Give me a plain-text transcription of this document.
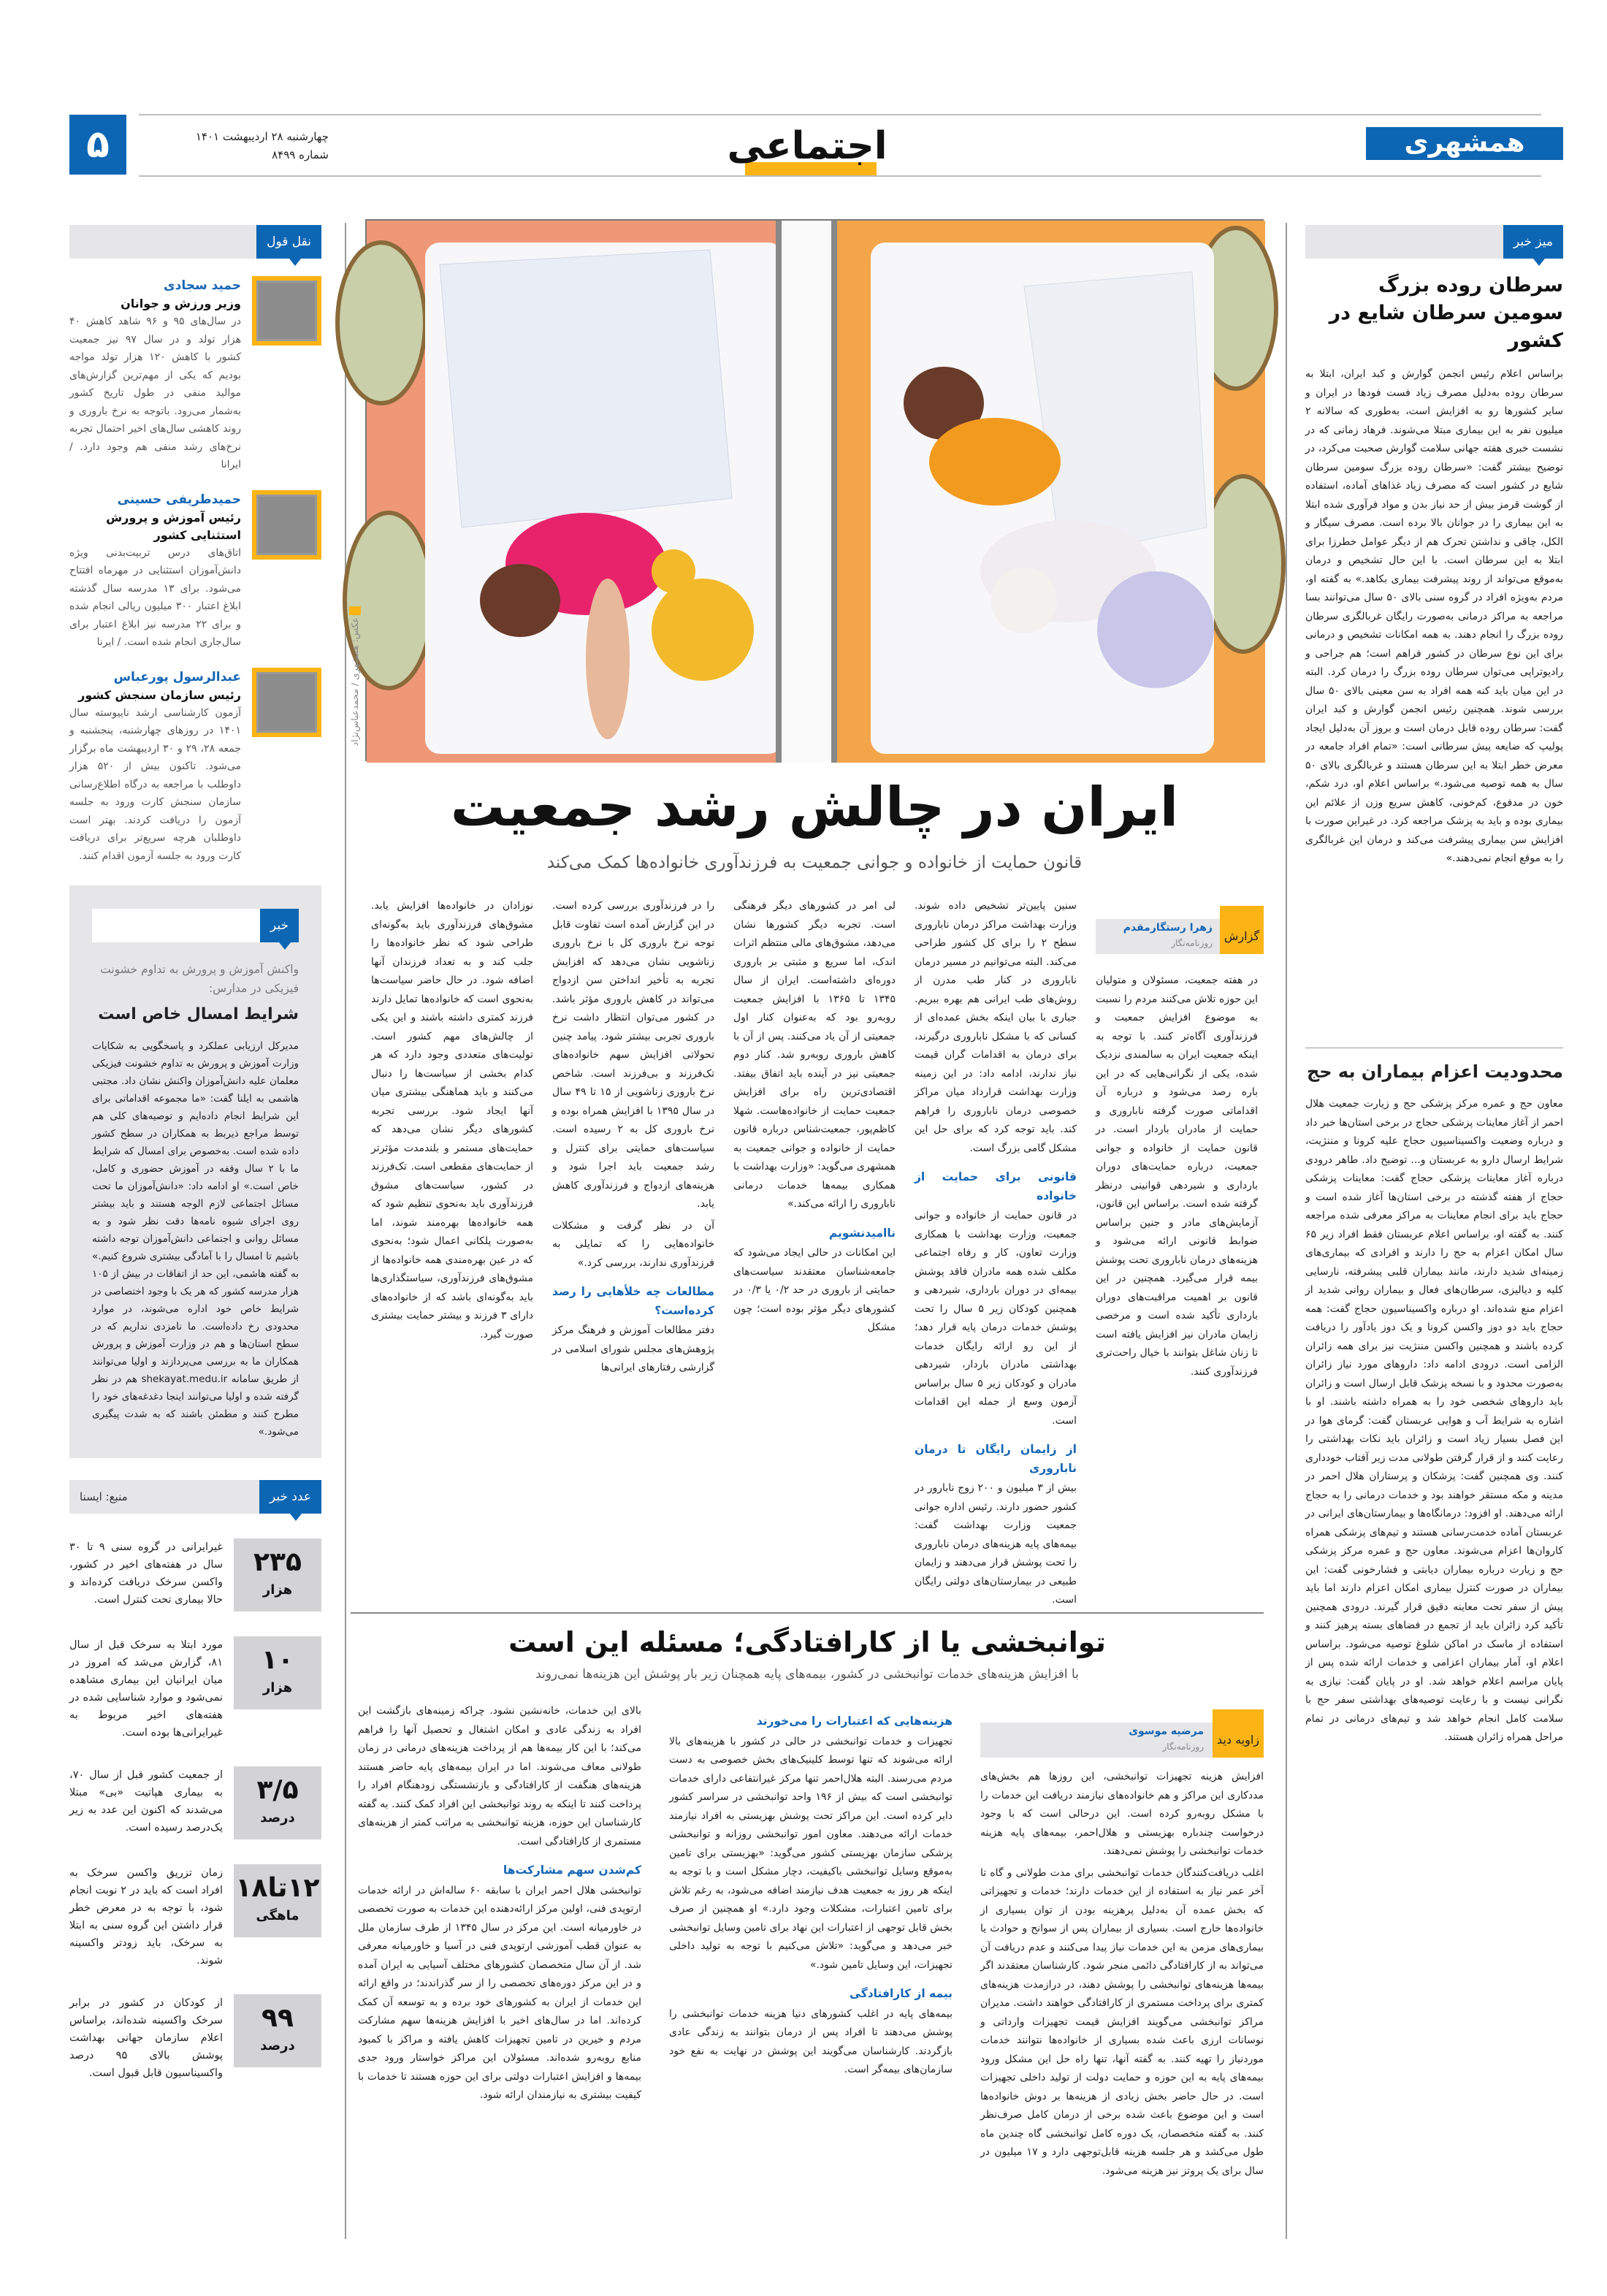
همشهری
اجتماعی
۵	چهارشنبه ۲۸ اردیبهشت ۱۴۰۱
شماره ۸۴۹۹
میز خبر
سرطان روده بزرگ
سومین سرطان شایع در کشور
براساس اعلام رئیس انجمن گوارش و کبد ایران، ابتلا به سرطان روده به‌دلیل مصرف زیاد فست فودها در ایران و سایر کشورها رو به افزایش است، به‌طوری که سالانه ۲ میلیون نفر به این بیماری مبتلا می‌شوند. فرهاد زمانی که در نشست خبری هفته جهانی سلامت گوارش صحبت می‌کرد، در توضیح بیشتر گفت: «سرطان روده بزرگ سومین سرطان شایع در کشور است که مصرف زیاد غذاهای آماده، استفاده از گوشت قرمز بیش از حد نیاز بدن و مواد فرآوری شده ابتلا به این بیماری را در جوانان بالا برده است. مصرف سیگار و الکل، چاقی و نداشتن تحرک هم از دیگر عوامل خطرزا برای ابتلا به این سرطان است. با این حال تشخیص و درمان به‌موقع می‌تواند از روند پیشرفت بیماری بکاهد.» به گفته او، مردم به‌ویژه افراد در گروه سنی بالای ۵۰ سال می‌توانند بسا مراجعه به مراکز درمانی به‌صورت رایگان غربالگری سرطان روده بزرگ را انجام دهند. به همه امکانات تشخیص و درمانی برای این نوع سرطان در کشور فراهم است؛ هم جراحی و رادیوتراپی می‌توان سرطان روده بزرگ را درمان کرد. البته در این میان باید کنه همه افراد به سن معینی بالای ۵۰ سال بررسی شوند. همچنین رئیس انجمن گوارش و کبد ایران گفت: سرطان روده قابل درمان است و بروز آن به‌دلیل ایجاد پولیپ که ضایعه پیش سرطانی است: «تمام افراد جامعه در معرض خطر ابتلا به این سرطان هستند و غربالگری بالای ۵۰ سال به همه توصیه می‌شود.» براساس اعلام او، درد شکم، خون در مدفوع، کم‌خونی، کاهش سریع وزن از علائم این بیماری بوده و باید به پزشک مراجعه کرد. در غیراین صورت با افزایش سن بیماری پیشرفت می‌کند و درمان این غربالگری را به موقع انجام نمی‌دهند.»
محدودیت اعزام بیماران به حج
معاون حج و عمره مرکز پزشکی حج و زیارت جمعیت هلال احمر از آغاز معاینات پزشکی حجاج در برخی استان‌ها خبر داد و درباره وضعیت واکسیناسیون حجاج علیه کرونا و مننژیت، شرایط ارسال دارو به عربستان و... توضیح داد. طاهر درودی درباره آغاز معاینات پزشکی حجاج گفت: معاینات پزشکی حجاج از هفته گذشته در برخی استان‌ها آغاز شده است و حجاج باید برای انجام معاینات به مراکز معرفی شده مراجعه کنند. به گفته او، براساس اعلام عربستان فقط افراد زیر ۶۵ سال امکان اعزام به حج را دارند و افرادی که بیماری‌های زمینه‌ای شدید دارند، مانند بیماران قلبی پیشرفته، نارسایی کلیه و دیالیزی، سرطان‌های فعال و بیماران روانی شدید از اعزام منع شده‌اند. او درباره واکسیناسیون حجاج گفت: همه حجاج باید دو دوز واکسن کرونا و یک دوز یادآور را دریافت کرده باشند و همچنین واکسن مننژیت نیز برای همه زائران الزامی است. درودی ادامه داد: داروهای مورد نیاز زائران به‌صورت محدود و با نسخه پزشک قابل ارسال است و زائران باید داروهای شخصی خود را به همراه داشته باشند. او با اشاره به شرایط آب و هوایی عربستان گفت: گرمای هوا در این فصل بسیار زیاد است و زائران باید نکات بهداشتی را رعایت کنند و از قرار گرفتن طولانی مدت زیر آفتاب خودداری کنند. وی همچنین گفت: پزشکان و پرستاران هلال احمر در مدینه و مکه مستقر خواهند بود و خدمات درمانی را به حجاج ارائه می‌دهند. او افزود: درمانگاه‌ها و بیمارستان‌های ایرانی در عربستان آماده خدمت‌رسانی هستند و تیم‌های پزشکی همراه کاروان‌ها اعزام می‌شوند. معاون حج و عمره مرکز پزشکی حج و زیارت درباره بیماران دیابتی و فشارخونی گفت: این بیماران در صورت کنترل بیماری امکان اعزام دارند اما باید پیش از سفر تحت معاینه دقیق قرار گیرند. درودی همچنین تأکید کرد زائران باید از تجمع در فضاهای بسته پرهیز کنند و استفاده از ماسک در اماکن شلوغ توصیه می‌شود. براساس اعلام او، آمار بیماران اعزامی و خدمات ارائه شده پس از پایان مراسم اعلام خواهد شد. او در پایان گفت: نیازی به نگرانی نیست و با رعایت توصیه‌های بهداشتی سفر حج با سلامت کامل انجام خواهد شد و تیم‌های درمانی در تمام مراحل همراه زائران هستند.
نقل قول
حمید سجادی
وزیر ورزش و جوانان
در سال‌های ۹۵ و ۹۶ شاهد کاهش ۴۰ هزار تولد و در سال ۹۷ نیز جمعیت کشور با کاهش ۱۲۰ هزار تولد مواجه بودیم که یکی از مهم‌ترین گزارش‌های موالید منفی در طول تاریخ کشور به‌شمار می‌رود. باتوجه به نرخ باروری و روند کاهشی سال‌های اخیر احتمال تجربه نرخ‌های رشد منفی هم وجود دارد. / ایرانا
حمیدطریفی حسینی
رئیس آموزش و پرورش استثنایی کشور
اتاق‌های درس تربیت‌بدنی ویژه دانش‌آموزان استثنایی در مهرماه افتتاح می‌شود. برای ۱۳ مدرسه سال گذشته ابلاغ اعتبار ۳۰۰ میلیون ریالی انجام شده و برای ۲۲ مدرسه نیز ابلاغ اعتبار برای سال‌جاری انجام شده است. / ایرنا
عبدالرسول پورعباس
رئیس سازمان سنجش کشور
آزمون کارشناسی ارشد ناپیوسته سال ۱۴۰۱ در روزهای چهارشنبه، پنجشنبه و جمعه ۲۸، ۲۹ و ۳۰ اردیبهشت ماه برگزار می‌شود. تاکنون بیش از ۵۲۰ هزار داوطلب با مراجعه به درگاه اطلاع‌رسانی سازمان سنجش کارت ورود به جلسه آزمون را دریافت کردند. بهتر است داوطلبان هرچه سریع‌تر برای دریافت کارت ورود به جلسه آزمون اقدام کنند.
خبر
واکنش آموزش و پرورش به تداوم خشونت فیزیکی در مدارس:
شرایط امسال خاص است
مدیرکل ارزیابی عملکرد و پاسخگویی به شکایات وزارت آموزش و پرورش به تداوم خشونت فیزیکی معلمان علیه دانش‌آموزان واکنش نشان داد. مجتبی هاشمی به ایلنا گفت: «ما مجموعه اقداماتی برای این شرایط انجام داده‌ایم و توصیه‌های کلی هم توسط مراجع ذیربط به همکاران در سطح کشور داده شده است. به‌خصوص برای امسال که شرایط ما با ۲ سال وقفه در آموزش حضوری و کامل، خاص است.» او ادامه داد: «دانش‌آموزان ما تحت مسائل اجتماعی لازم الوجه هستند و باید بیشتر روی اجرای شیوه نامه‌ها دقت نظر شود و به مسائل روانی و اجتماعی دانش‌آموزان توجه داشته باشیم تا امسال را با آمادگی بیشتری شروع کنیم.» به گفته هاشمی، این حد از اتفاقات در بیش از ۱۰۵ هزار مدرسه کشور که هر یک با وجود اختصاصی در شرایط خاص خود اداره می‌شوند، در موارد محدودی رخ داده‌است. ما نامزدی نداریم که در سطح استان‌ها و هم در وزارت آموزش و پرورش همکاران ما به بررسی می‌پردازند و اولیا می‌توانند از طریق سامانه shekayat.medu.ir هم در نظر گرفته شده و اولیا می‌توانند اینجا دغدغه‌های خود را مطرح کنند و مطمئن باشند که به شدت پیگیری می‌شود.»
عدد خبر
منبع: ایسنا
۲۳۵
هزار
غیرایرانی در گروه سنی ۹ تا ۳۰ سال در هفته‌های اخیر در کشور، واکسن سرخک دریافت کرده‌اند و حالا بیماری تحت کنترل است.
۱۰
هزار
مورد ابتلا به سرخک قبل از سال ۸۱، گزارش می‌شد که امروز در میان ایرانیان این بیماری مشاهده نمی‌شود و موارد شناسایی شده در هفته‌های اخیر مربوط به غیرایرانی‌ها بوده است.
۳/۵
درصد
از جمعیت کشور قبل از سال ۷۰، به بیماری هپاتیت «بی» مبتلا می‌شدند که اکنون این عدد به زیر یک‌درصد رسیده است.
۱۲تا۱۸
ماهگی
زمان تزریق واکسن سرخک به افراد است که باید در ۲ نوبت انجام شود، با توجه به در معرض خطر قرار داشتن این گروه سنی به ابتلا به سرخک، باید زودتر واکسینه شوند.
۹۹
درصد
از کودکان در کشور در برابر سرخک واکسینه شده‌اند، براساس اعلام سازمان جهانی بهداشت پوشش بالای ۹۵ درصد واکسیناسیون قابل قبول است.
عکس: همشهری / محمدعباس‌نژاد
ایران در چالش رشد جمعیت
قانون حمایت از خانواده و جوانی جمعیت به فرزندآوری خانواده‌ها کمک می‌کند
گزارش
زهرا رستگارمقدم
روزنامه‌نگار

در هفته جمعیت، مسئولان و متولیان این حوزه تلاش می‌کنند مردم را نسبت به موضوع افزایش جمعیت و فرزندآوری آگاه‌تر کنند. با توجه به اینکه جمعیت ایران به سالمندی نزدیک شده، یکی از نگرانی‌هایی که در این باره رصد می‌شود و درباره آن اقداماتی صورت گرفته ناباروری و حمایت از مادران باردار است. در قانون حمایت از خانواده و جوانی جمعیت، درباره حمایت‌های دوران بارداری و شیردهی قوانینی درنظر گرفته شده است. براساس این قانون، آزمایش‌های مادر و جنین براساس ضوابط قانونی ارائه می‌شود و هزینه‌های درمان ناباروری تحت پوشش بیمه قرار می‌گیرد. همچنین در این قانون بر اهمیت مراقبت‌های دوران بارداری تأکید شده است و مرخصی زایمان مادران نیز افزایش یافته است تا زنان شاغل بتوانند با خیال راحت‌تری فرزندآوری کنند.

سنین پایین‌تر تشخیص داده شوند. وزارت بهداشت مراکز درمان ناباروری سطح ۲ را برای کل کشور طراحی می‌کند. البته می‌توانیم در مسیر درمان ناباروری در کنار طب مدرن از روش‌های طب ایرانی هم بهره ببریم. جباری با بیان اینکه بخش عمده‌ای از کسانی که با مشکل ناباروری درگیرند، برای درمان به اقدامات گران قیمت نیاز ندارند، ادامه داد: در این زمینه وزارت بهداشت قرارداد میان مراکز خصوصی درمان ناباروری را فراهم کند. باید توجه کرد که برای حل این مشکل گامی بزرگ است.

قانونی برای حمایت از خانواده

در قانون حمایت از خانواده و جوانی جمعیت، وزارت بهداشت با همکاری وزارت تعاون، کار و رفاه اجتماعی مکلف شده همه مادران فاقد پوشش بیمه‌ای در دوران بارداری، شیردهی و همچنین کودکان زیر ۵ سال را تحت پوشش خدمات درمان پایه قرار دهد؛ از این رو ارائه رایگان خدمات بهداشتی مادران باردار، شیردهی مادران و کودکان زیر ۵ سال براساس آزمون وسع از جمله این اقدامات است.

از زایمان رایگان تا درمان ناباروری

بیش از ۳ میلیون و ۲۰۰ زوج نابارور در کشور حضور دارند. رئیس اداره جوانی جمعیت وزارت بهداشت گفت: بیمه‌های پایه هزینه‌های درمان ناباروری را تحت پوشش قرار می‌دهند و زایمان طبیعی در بیمارستان‌های دولتی رایگان است.

لی امر در کشورهای دیگر فرهنگی است. تجربه دیگر کشورها نشان می‌دهد، مشوق‌های مالی منتظم اثرات اندک، اما سریع و مثبتی بر باروری دوره‌ای داشته‌است. ایران از سال ۱۳۴۵ تا ۱۳۶۵ با افزایش جمعیت روبه‌رو بود که به‌عنوان کنار اول جمعیتی از آن یاد می‌کنند. پس از آن با کاهش باروری روبه‌رو شد. کنار دوم جمعیتی نیز در آینده باید اتفاق بیفتد. اقتصادی‌ترین راه برای افزایش جمعیت حمایت از خانواده‌هاست. شهلا کاظم‌پور، جمعیت‌شناس درباره قانون حمایت از خانواده و جوانی جمعیت به همشهری می‌گوید: «وزارت بهداشت با همکاری بیمه‌ها خدمات درمانی ناباروری را ارائه می‌کند.»

ناامیدنشویم

این امکانات در حالی ایجاد می‌شود که جامعه‌شناسان معتقدند سیاست‌های حمایتی از باروری در حد ۰/۲ یا ۰/۳ در کشورهای دیگر مؤثر بوده است؛ چون مشکل

را در فرزندآوری بررسی کرده است. در این گزارش آمده است تفاوت قابل توجه نرخ باروری کل با نرخ باروری زناشویی نشان می‌دهد که افزایش تجربه به تأخیر انداختن سن ازدواج می‌تواند در کاهش باروری مؤثر باشد. در کشور می‌توان انتظار داشت نرخ باروری تجربی بیشتر شود. پیامد چنین تحولاتی افزایش سهم خانواده‌های تک‌فرزند و بی‌فرزند است. شاخص نرخ باروری زناشویی از ۱۵ تا ۴۹ سال در سال ۱۳۹۵ با افزایش همراه بوده و نرخ باروری کل به ۲ رسیده است. سیاست‌های حمایتی برای کنترل و رشد جمعیت باید اجرا شود و هزینه‌های ازدواج و فرزندآوری کاهش یابد.

آن در نظر گرفت و مشکلات خانواده‌هایی را که تمایلی به فرزندآوری ندارند، بررسی کرد.»

مطالعات چه خلأهایی را رصد کرده‌است؟

دفتر مطالعات آموزش و فرهنگ مرکز پژوهش‌های مجلس شورای اسلامی در گزارشی رفتارهای ایرانی‌ها

نوزادان در خانواده‌ها افزایش یابد. مشوق‌های فرزندآوری باید به‌گونه‌ای طراحی شود که نظر خانواده‌ها را جلب کند و به تعداد فرزندان آنها اضافه شود. در حال حاضر سیاست‌ها به‌نحوی است که خانواده‌ها تمایل دارند فرزند کمتری داشته باشند و این یکی از چالش‌های مهم کشور است. تولیت‌های متعددی وجود دارد که هر کدام بخشی از سیاست‌ها را دنبال می‌کنند و باید هماهنگی بیشتری میان آنها ایجاد شود. بررسی تجربه کشورهای دیگر نشان می‌دهد که حمایت‌های مستمر و بلندمدت مؤثرتر از حمایت‌های مقطعی است. تک‌فرزند در کشور، سیاست‌های مشوق فرزندآوری باید به‌نحوی تنظیم شود که همه خانواده‌ها بهره‌مند شوند، اما به‌صورت پلکانی اعمال شود؛ به‌نحوی که در عین بهره‌مندی همه خانواده‌ها از مشوق‌های فرزندآوری، سیاستگذاری‌ها باید به‌گونه‌ای باشد که از خانواده‌های دارای ۳ فرزند و بیشتر حمایت بیشتری صورت گیرد.

توانبخشی یا از کارافتادگی؛ مسئله این است
با افزایش هزینه‌های خدمات توانبخشی در کشور، بیمه‌های پایه همچنان زیر بار پوشش این هزینه‌ها نمی‌روند
زاویه دید
مرضیه موسوی
روزنامه‌نگار

افزایش هزینه تجهیزات توانبخشی، این روزها هم بخش‌های مددکاری این مراکز و هم خانواده‌های نیازمند دریافت این خدمات را با مشکل روبه‌رو کرده است. این درحالی است که با وجود درخواست چندباره بهزیستی و هلال‌احمر، بیمه‌های پایه هزینه خدمات توانبخشی را پوشش نمی‌دهند.

اغلب دریافت‌کنندگان خدمات توانبخشی برای مدت طولانی و گاه تا آخر عمر نیاز به استفاده از این خدمات دارند؛ خدمات و تجهیزاتی که بخش عمده آن به‌دلیل پرهزینه بودن از توان بسیاری از خانواده‌ها خارج است. بسیاری از بیماران پس از سوانح و حوادث یا بیماری‌های مزمن به این خدمات نیاز پیدا می‌کنند و عدم دریافت آن می‌تواند به از کارافتادگی دائمی منجر شود. کارشناسان معتقدند اگر بیمه‌ها هزینه‌های توانبخشی را پوشش دهند، در درازمدت هزینه‌های کمتری برای پرداخت مستمری از کارافتادگی خواهند داشت. مدیران مراکز توانبخشی می‌گویند افزایش قیمت تجهیزات وارداتی و نوسانات ارزی باعث شده بسیاری از خانواده‌ها نتوانند خدمات موردنیاز را تهیه کنند. به گفته آنها، تنها راه حل این مشکل ورود بیمه‌های پایه به این حوزه و حمایت دولت از تولید داخلی تجهیزات است. در حال حاضر بخش زیادی از هزینه‌ها بر دوش خانواده‌ها است و این موضوع باعث شده برخی از درمان کامل صرف‌نظر کنند. به گفته متخصصان، یک دوره کامل توانبخشی گاه چندین ماه طول می‌کشد و هر جلسه هزینه قابل‌توجهی دارد و ۱۷ میلیون در سال برای یک پروتز نیز هزینه می‌شود.

هزینه‌هایی که اعتبارات را می‌خورند

تجهیزات و خدمات توانبخشی در حالی در کشور با هزینه‌های بالا ارائه می‌شوند که تنها توسط کلینیک‌های بخش خصوصی به دست مردم می‌رسند. البته هلال‌احمر تنها مرکز غیرانتفاعی دارای خدمات توانبخشی است که بیش از ۱۹۶ واحد توانبخشی در سراسر کشور دایر کرده است. این مراکز تحت پوشش بهزیستی به افراد نیازمند خدمات ارائه می‌دهند. معاون امور توانبخشی روزانه و توانبخشی پزشکی سازمان بهزیستی کشور می‌گوید: «بهزیستی برای تامین به‌موقع وسایل توانبخشی باکیفیت، دچار مشکل است و با توجه به اینکه هر روز به جمعیت هدف نیازمند اضافه می‌شود، به رغم تلاش برای تامین اعتبارات، مشکلات وجود دارد.» او همچنین از صرف بخش قابل توجهی از اعتبارات این نهاد برای تامین وسایل توانبخشی خبر می‌دهد و می‌گوید: «تلاش می‌کنیم با توجه به تولید داخلی تجهیزات، این وسایل تامین شود.»

بیمه از کارافتادگی

بیمه‌های پایه در اغلب کشورهای دنیا هزینه خدمات توانبخشی را پوشش می‌دهند تا افراد پس از درمان بتوانند به زندگی عادی بازگردند. کارشناسان می‌گویند این پوشش در نهایت به نفع خود سازمان‌های بیمه‌گر است.

بالای این خدمات، خانه‌نشین نشود. چراکه زمینه‌های بازگشت این افراد به زندگی عادی و امکان اشتغال و تحصیل آنها را فراهم می‌کند؛ با این کار بیمه‌ها هم از پرداخت هزینه‌های درمانی در زمان طولانی معاف می‌شوند. اما در ایران بیمه‌های پایه حاضر هستند هزینه‌های هنگفت از کارافتادگی و بازنشستگی زودهنگام افراد را پرداخت کنند تا اینکه به روند توانبخشی این افراد کمک کنند. به گفته کارشناسان این حوزه، هزینه توانبخشی به مراتب کمتر از هزینه‌های مستمری از کارافتادگی است.

کم‌شدن سهم مشارکت‌ها

توانبخشی هلال احمر ایران با سابقه ۶۰ ساله‌اش در ارائه خدمات ارتوپدی فنی، اولین مرکز ارائه‌دهنده این خدمات به صورت تخصصی در خاورمیانه است. این مرکز در سال ۱۳۴۵ از طرف سازمان ملل به عنوان قطب آموزشی ارتوپدی فنی در آسیا و خاورمیانه معرفی شد. از آن سال متخصصان کشورهای مختلف آسیایی به ایران آمده و در این مرکز دوره‌های تخصصی را از سر گذراندند؛ در واقع ارائه این خدمات از ایران به کشورهای خود برده و به توسعه آن کمک کرده‌اند. اما در سال‌های اخیر با افزایش هزینه‌ها سهم مشارکت مردم و خیرین در تامین تجهیزات کاهش یافته و مراکز با کمبود منابع روبه‌رو شده‌اند. مسئولان این مراکز خواستار ورود جدی بیمه‌ها و افزایش اعتبارات دولتی برای این حوزه هستند تا خدمات با کیفیت بیشتری به نیازمندان ارائه شود.
